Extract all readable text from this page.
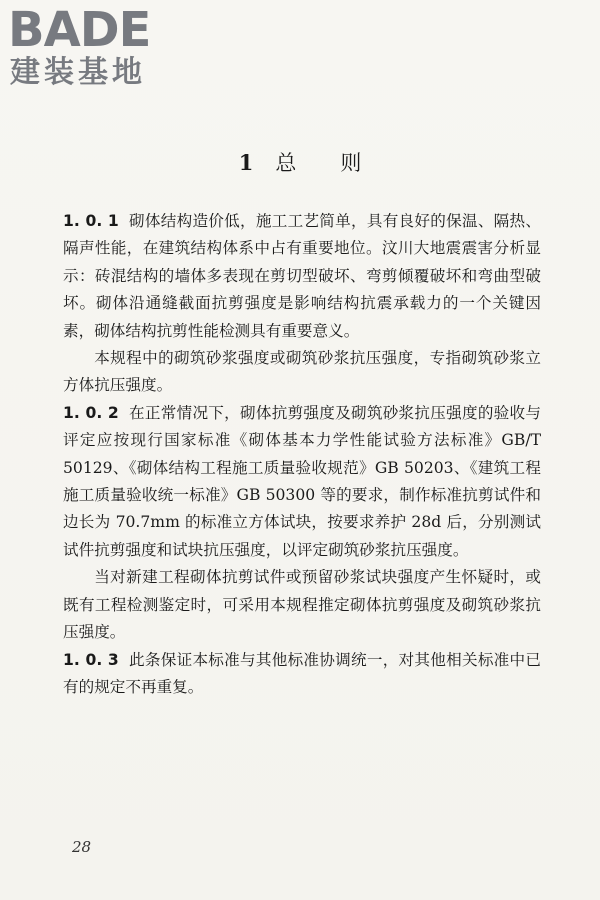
BADE
建装基地
1 总 则

1. 0. 1 砌体结构造价低，施工工艺简单，具有良好的保温、隔热、隔声性能，在建筑结构体系中占有重要地位。汶川大地震震害分析显示：砖混结构的墙体多表现在剪切型破坏、弯剪倾覆破坏和弯曲型破坏。砌体沿通缝截面抗剪强度是影响结构抗震承载力的一个关键因素，砌体结构抗剪性能检测具有重要意义。

本规程中的砌筑砂浆强度或砌筑砂浆抗压强度，专指砌筑砂浆立方体抗压强度。

1. 0. 2 在正常情况下，砌体抗剪强度及砌筑砂浆抗压强度的验收与评定应按现行国家标准《砌体基本力学性能试验方法标准》GB/T 50129、《砌体结构工程施工质量验收规范》GB 50203、《建筑工程施工质量验收统一标准》GB 50300 等的要求，制作标准抗剪试件和边长为 70.7mm 的标准立方体试块，按要求养护 28d 后，分别测试试件抗剪强度和试块抗压强度，以评定砌筑砂浆抗压强度。

当对新建工程砌体抗剪试件或预留砂浆试块强度产生怀疑时，或既有工程检测鉴定时，可采用本规程推定砌体抗剪强度及砌筑砂浆抗压强度。

1. 0. 3 此条保证本标准与其他标准协调统一，对其他相关标准中已有的规定不再重复。

28
